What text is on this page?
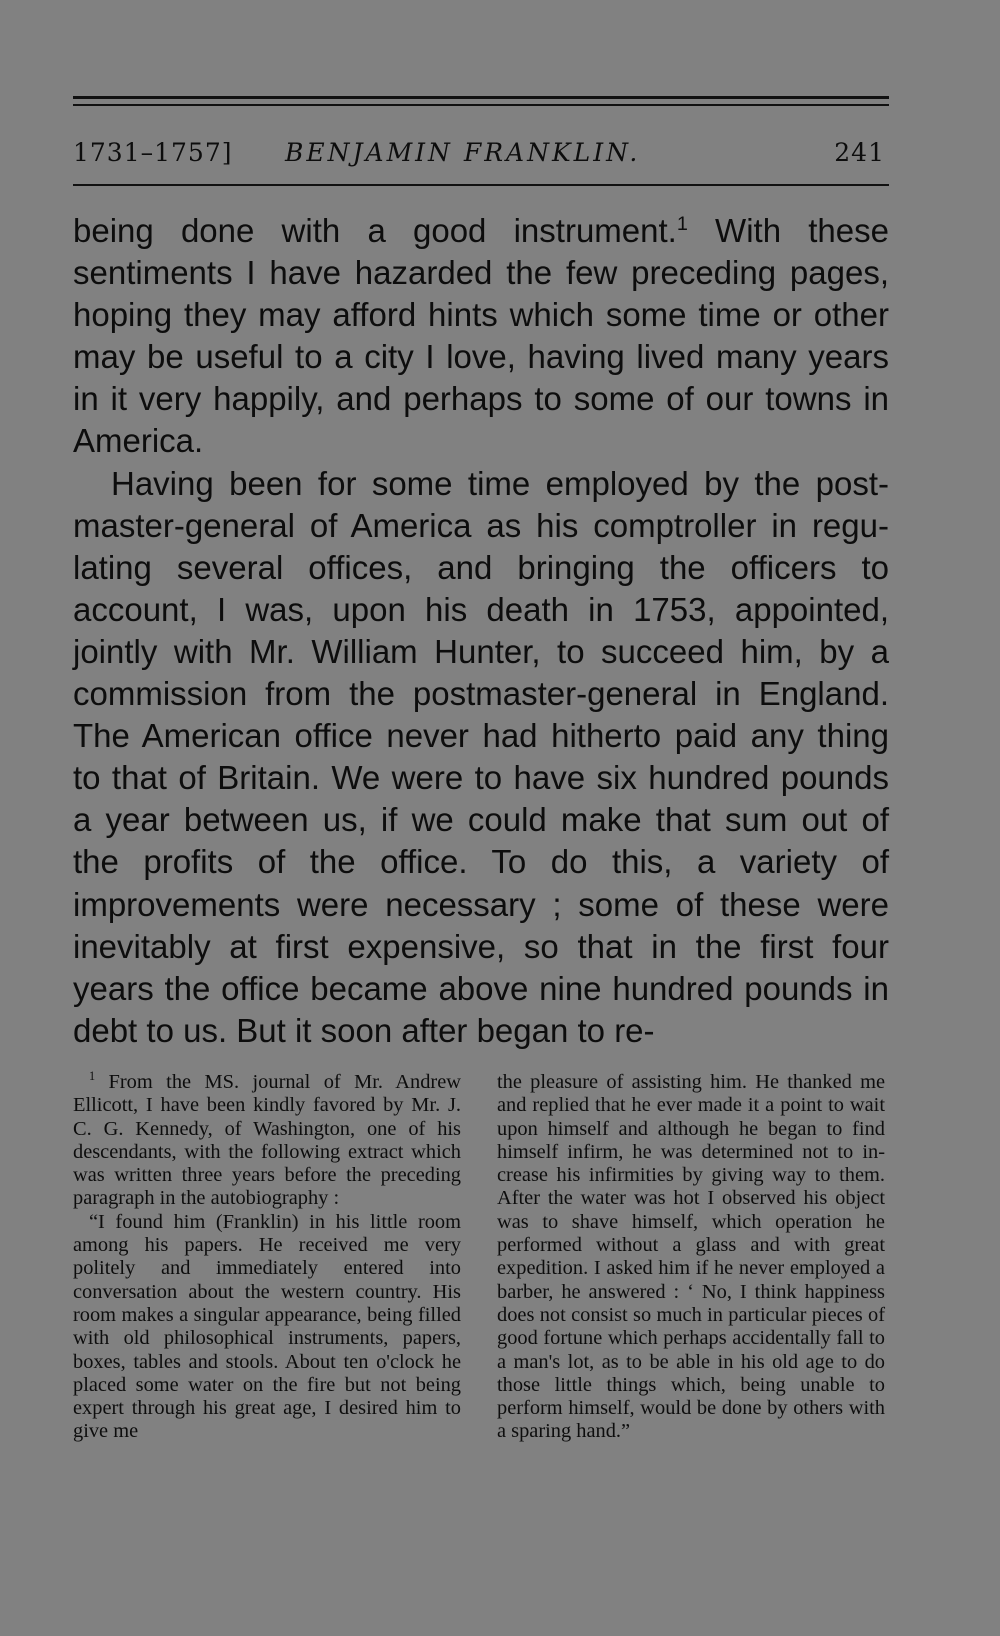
1731–1757] BENJAMIN FRANKLIN.	241

being done with a good instrument.$^1$ With these sentiments I have hazarded the few preceding pages, hoping they may afford hints which some time or other may be useful to a city I love, having lived many years in it very happily, and perhaps to some of our towns in America.

Having been for some time employed by the post-master-general of America as his comptroller in regulating several offices, and bringing the officers to account, I was, upon his death in 1753, appointed, jointly with Mr. William Hunter, to succeed him, by a commission from the postmaster-general in England. The American office never had hitherto paid any thing to that of Britain. We were to have six hundred pounds a year between us, if we could make that sum out of the profits of the office. To do this, a variety of improvements were necessary ; some of these were inevitably at first expensive, so that in the first four years the office became above nine hundred pounds in debt to us. But it soon after began to re-

$^1$ From the MS. journal of Mr. Andrew Ellicott, I have been kindly favored by Mr. J. C. G. Kennedy, of Washington, one of his descendants, with the following extract which was written three years before the preceding paragraph in the autobiography :

“I found him (Franklin) in his little room among his papers. He received me very politely and immediately entered into conversation about the western country. His room makes a singular appearance, being filled with old philosophical instruments, papers, boxes, tables and stools. About ten o'clock he placed some water on the fire but not being expert through his great age, I desired him to give me

the pleasure of assisting him. He thanked me and replied that he ever made it a point to wait upon himself and although he began to find himself infirm, he was determined not to increase his infirmities by giving way to them. After the water was hot I observed his object was to shave himself, which operation he performed without a glass and with great expedition. I asked him if he never employed a barber, he answered : ‘ No, I think happiness does not consist so much in particular pieces of good fortune which perhaps accidentally fall to a man's lot, as to be able in his old age to do those little things which, being unable to perform himself, would be done by others with a sparing hand.”
